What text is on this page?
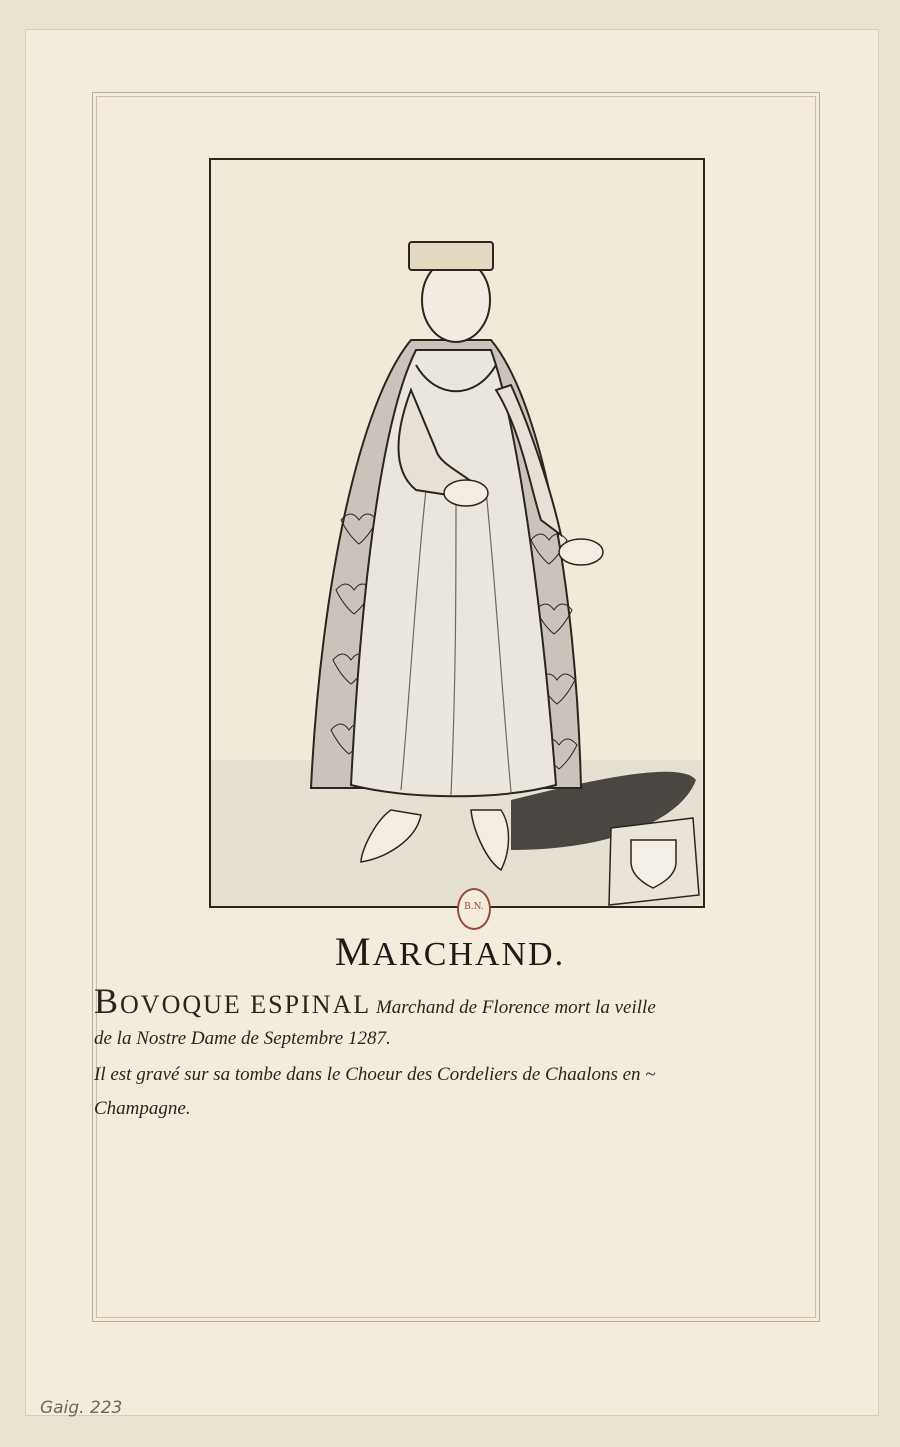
B.N.
MARCHAND.
BOVOQUE ESPINAL Marchand de Florence mort la veille
de la Nostre Dame de Septembre 1287.
Il est gravé sur sa tombe dans le Choeur des Cordeliers de Chaalons en ~
Champagne.
Gaig. 223
